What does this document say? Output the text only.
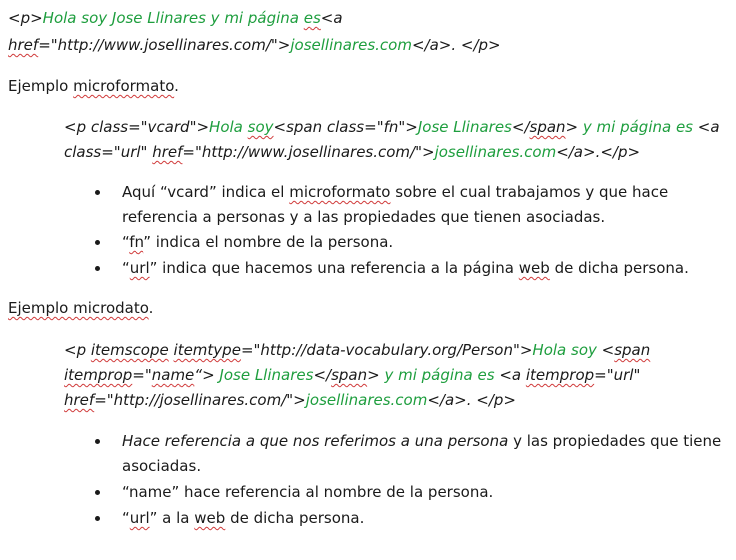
<p>Hola soy Jose Llinares y mi página es<a
href="http://www.josellinares.com/">josellinares.com</a>. </p>
Ejemplo microformato.
<p class="vcard">Hola soy<span class="fn">Jose Llinares</span> y mi página es <a
class="url" href="http://www.josellinares.com/">josellinares.com</a>.</p>
Aquí “vcard” indica el microformato sobre el cual trabajamos y que hace
referencia a personas y a las propiedades que tienen asociadas.
“fn” indica el nombre de la persona.
“url” indica que hacemos una referencia a la página web de dicha persona.
Ejemplo microdato.
<p itemscope itemtype="http://data-vocabulary.org/Person">Hola soy <span
itemprop="name“> Jose Llinares</span> y mi página es <a itemprop="url"
href="http://josellinares.com/">josellinares.com</a>. </p>
Hace referencia a que nos referimos a una persona y las propiedades que tiene
asociadas.
“name” hace referencia al nombre de la persona.
“url” a la web de dicha persona.
